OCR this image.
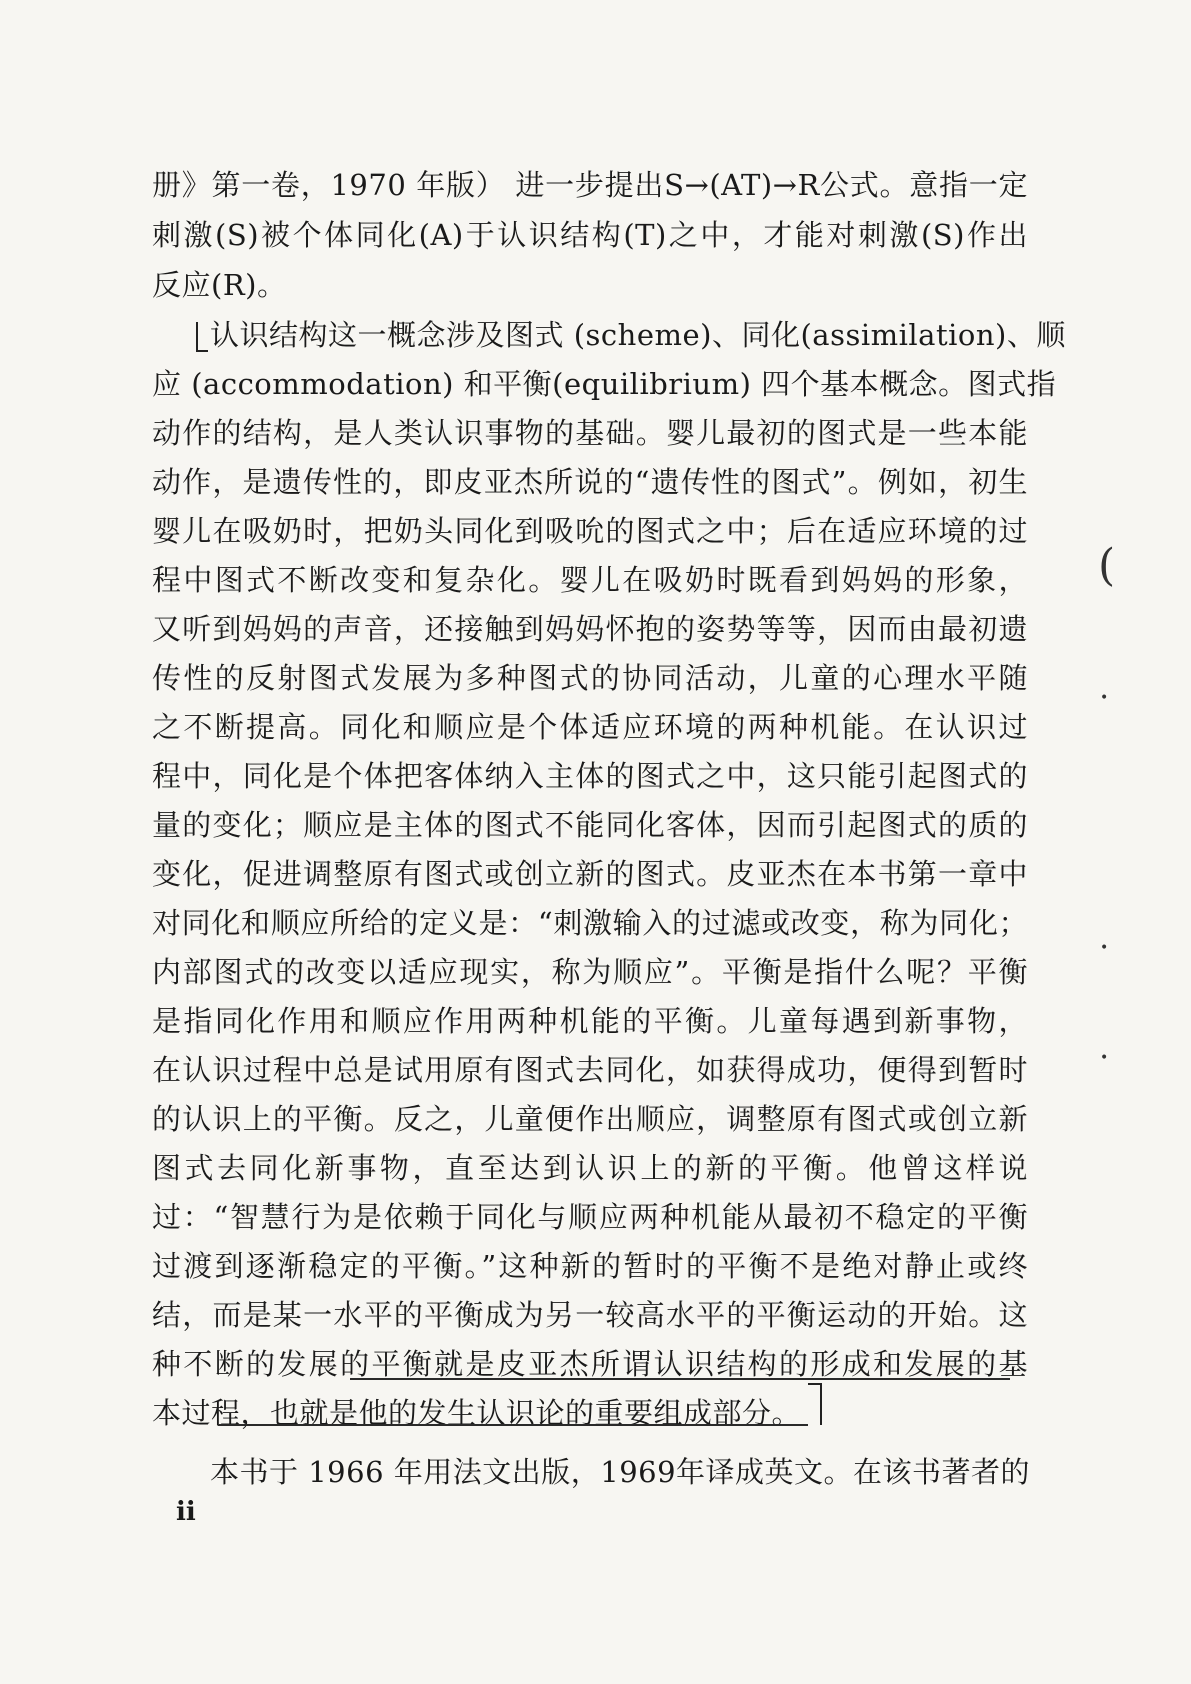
册》第一卷，1970 年版） 进一步提出S→(AT)→R公式。意指一定
刺激(S)被个体同化(A)于认识结构(T)之中，才能对刺激(S)作出
反应(R)。
认识结构这一概念涉及图式 (scheme)、同化(assimilation)、顺
应 (accommodation) 和平衡(equilibrium) 四个基本概念。图式指
动作的结构，是人类认识事物的基础。婴儿最初的图式是一些本能
动作，是遗传性的，即皮亚杰所说的“遗传性的图式”。例如，初生
婴儿在吸奶时，把奶头同化到吸吮的图式之中；后在适应环境的过
程中图式不断改变和复杂化。婴儿在吸奶时既看到妈妈的形象，
又听到妈妈的声音，还接触到妈妈怀抱的姿势等等，因而由最初遗
传性的反射图式发展为多种图式的协同活动，儿童的心理水平随
之不断提高。同化和顺应是个体适应环境的两种机能。在认识过
程中，同化是个体把客体纳入主体的图式之中，这只能引起图式的
量的变化；顺应是主体的图式不能同化客体，因而引起图式的质的
变化，促进调整原有图式或创立新的图式。皮亚杰在本书第一章中
对同化和顺应所给的定义是：“刺激输入的过滤或改变，称为同化；
内部图式的改变以适应现实，称为顺应”。平衡是指什么呢？平衡
是指同化作用和顺应作用两种机能的平衡。儿童每遇到新事物，
在认识过程中总是试用原有图式去同化，如获得成功，便得到暂时
的认识上的平衡。反之，儿童便作出顺应，调整原有图式或创立新
图式去同化新事物，直至达到认识上的新的平衡。他曾这样说
过：“智慧行为是依赖于同化与顺应两种机能从最初不稳定的平衡
过渡到逐渐稳定的平衡。”这种新的暂时的平衡不是绝对静止或终
结，而是某一水平的平衡成为另一较高水平的平衡运动的开始。这
种不断的发展的平衡就是皮亚杰所谓认识结构的形成和发展的基
本过程，也就是他的发生认识论的重要组成部分。
本书于 1966 年用法文出版，1969年译成英文。在该书著者的
(
•
•
•
ii
